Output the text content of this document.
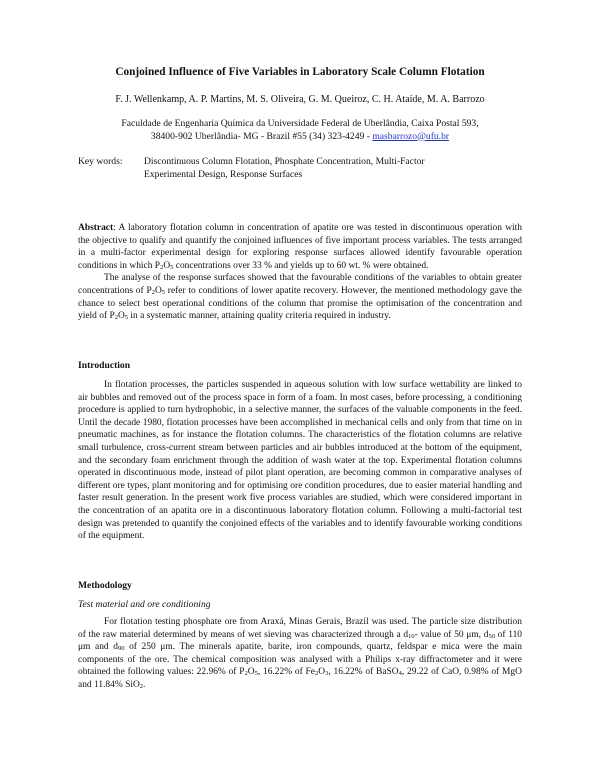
Conjoined Influence of Five Variables in Laboratory Scale Column Flotation
F. J. Wellenkamp, A. P. Martins, M. S. Oliveira, G. M. Queiroz, C. H. Ataíde, M. A. Barrozo
Faculdade de Engenharia Química da Universidade Federal de Uberlândia, Caixa Postal 593,
38400-902 Uberlândia- MG - Brazil #55 (34) 323-4249 - masbarrozo@ufu.br
Key words: Discontinuous Column Flotation, Phosphate Concentration, Multi-Factor
Experimental Design, Response Surfaces

Abstract: A laboratory flotation column in concentration of apatite ore was tested in discontinuous operation with the objective to qualify and quantify the conjoined influences of five important process variables. The tests arranged in a multi-factor experimental design for exploring response surfaces allowed identify favourable operation conditions in which $P_2O_5$ concentrations over 33 % and yields up to 60 wt. % were obtained.

The analyse of the response surfaces showed that the favourable conditions of the variables to obtain greater concentrations of $P_2O_5$ refer to conditions of lower apatite recovery. However, the mentioned methodology gave the chance to select best operational conditions of the column that promise the optimisation of the concentration and yield of $P_2O_5$ in a systematic manner, attaining quality criteria required in industry.

Introduction

In flotation processes, the particles suspended in aqueous solution with low surface wettability are linked to air bubbles and removed out of the process space in form of a foam. In most cases, before processing, a conditioning procedure is applied to turn hydrophobic, in a selective manner, the surfaces of the valuable components in the feed. Until the decade 1980, flotation processes have been accomplished in mechanical cells and only from that time on in pneumatic machines, as for instance the flotation columns. The characteristics of the flotation columns are relative small turbulence, cross-current stream between particles and air bubbles introduced at the bottom of the equipment, and the secondary foam enrichment through the addition of wash water at the top. Experimental flotation columns operated in discontinuous mode, instead of pilot plant operation, are becoming common in comparative analyses of different ore types, plant monitoring and for optimising ore condition procedures, due to easier material handling and faster result generation. In the present work five process variables are studied, which were considered important in the concentration of an apatita ore in a discontinuous laboratory flotation column. Following a multi-factorial test design was pretended to quantify the conjoined effects of the variables and to identify favourable working conditions of the equipment.

Methodology
Test material and ore conditioning

For flotation testing phosphate ore from Araxá, Minas Gerais, Brazil was used. The particle size distribution of the raw material determined by means of wet sieving was characterized through a $d_{10}-$ value of 50 μm, $d_{50}$ of 110 μm and $d_{90}$ of 250 μm. The minerals apatite, barite, iron compounds, quartz, feldspar e mica were the main components of the ore. The chemical composition was analysed with a Philips x-ray diffractometer and it were obtained the following values: 22.96% of $P_2O_5$, 16.22% of $Fe_2O_3$, 16.22% of BaSO$_4$, 29.22 of CaO, 0.98% of MgO and 11.84% SiO$_2$.
